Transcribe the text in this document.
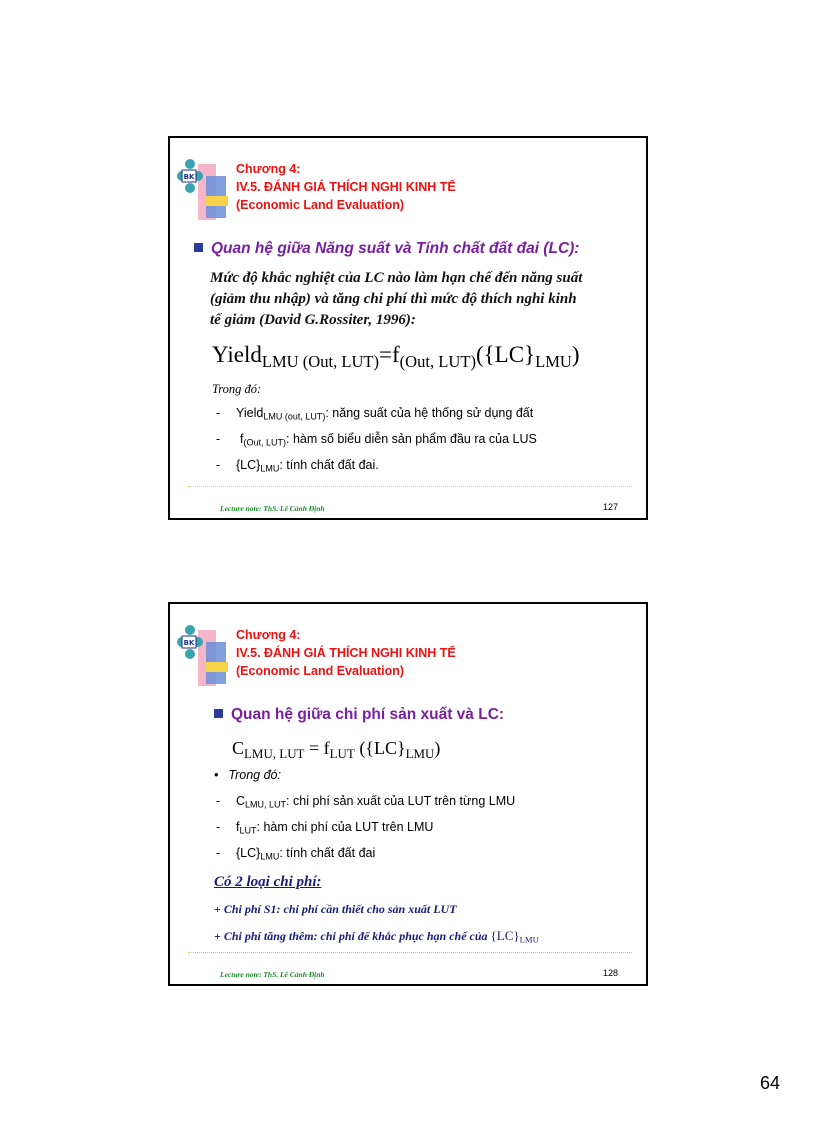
BK
Chương 4:
IV.5. ĐÁNH GIÁ THÍCH NGHI KINH TẾ
(Economic Land Evaluation)
Quan hệ giữa Năng suất và Tính chất đất đai (LC):
Mức độ khắc nghiệt của LC nào làm hạn chế đến năng suất
(giảm thu nhập) và tăng chi phí thì mức độ thích nghi kinh
tế giảm (David G.Rossiter, 1996):
$Yield_{LMU (Out, LUT)}=f_{(Out, LUT)}(\{LC\}_{LMU})$
Trong đó:
- Yield$_{LMU (out, LUT)}$: năng suất của hệ thống sử dụng đất
- $f_{(Out, LUT)}$: hàm số biểu diễn sản phẩm đầu ra của LUS
- $\{LC\}_{LMU}$: tính chất đất đai.
Lecture note: ThS. Lê Cảnh Định	127
BK
Chương 4:
IV.5. ĐÁNH GIÁ THÍCH NGHI KINH TẾ
(Economic Land Evaluation)
Quan hệ giữa chi phí sản xuất và LC:
$C_{LMU, LUT} = f_{LUT}$ $(\{LC\}_{LMU})$
• Trong đó:
- $C_{LMU, LUT}$: chi phí sản xuất của LUT trên từng LMU
- $f_{LUT}$: hàm chi phí của LUT trên LMU
- $\{LC\}_{LMU}$: tính chất đất đai
Có 2 loại chi phí:
+ Chi phí S1: chi phí cần thiết cho sản xuất LUT
+ Chi phí tăng thêm: chi phí để khắc phục hạn chế của $\{LC\}_{LMU}$
Lecture note: ThS. Lê Cảnh Định	128
64
